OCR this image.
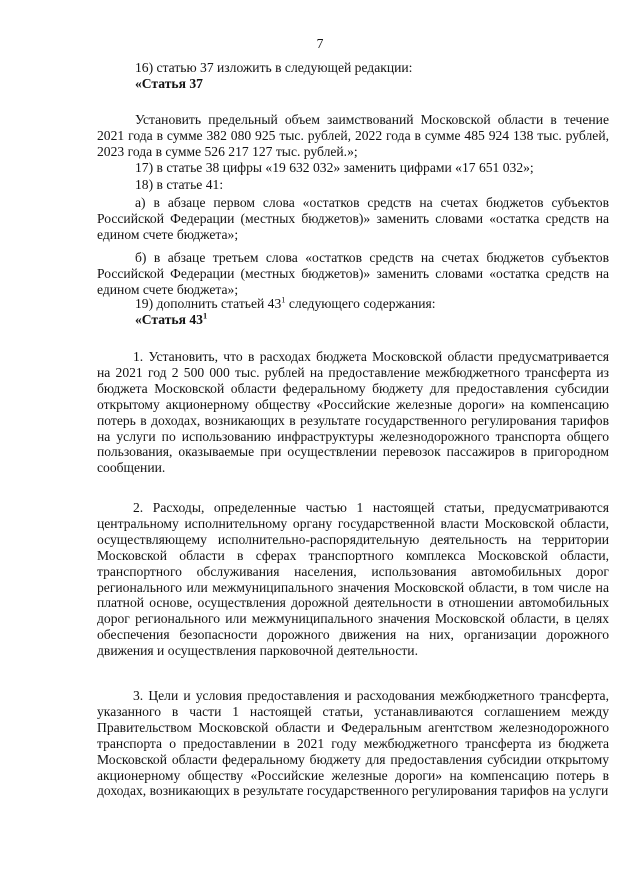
7

16) статью 37 изложить в следующей редакции:

«Статья 37

Установить предельный объем заимствований Московской области в течение 2021 года в сумме 382 080 925 тыс. рублей, 2022 года в сумме 485 924 138 тыс. рублей, 2023 года в сумме 526 217 127 тыс. рублей.»;

17) в статье 38 цифры «19 632 032» заменить цифрами «17 651 032»;

18) в статье 41:

а) в абзаце первом слова «остатков средств на счетах бюджетов субъектов Российской Федерации (местных бюджетов)» заменить словами «остатка средств на едином счете бюджета»;

б) в абзаце третьем слова «остатков средств на счетах бюджетов субъектов Российской Федерации (местных бюджетов)» заменить словами «остатка средств на едином счете бюджета»;

19) дополнить статьей $43^1$ следующего содержания:

«Статья $43^1$

1. Установить, что в расходах бюджета Московской области предусматривается на 2021 год 2 500 000 тыс. рублей на предоставление межбюджетного трансферта из бюджета Московской области федеральному бюджету для предоставления субсидии открытому акционерному обществу «Российские железные дороги» на компенсацию потерь в доходах, возникающих в результате государственного регулирования тарифов на услуги по использованию инфраструктуры железнодорожного транспорта общего пользования, оказываемые при осуществлении перевозок пассажиров в пригородном сообщении.

2. Расходы, определенные частью 1 настоящей статьи, предусматриваются центральному исполнительному органу государственной власти Московской области, осуществляющему исполнительно-распорядительную деятельность на территории Московской области в сферах транспортного комплекса Московской области, транспортного обслуживания населения, использования автомобильных дорог регионального или межмуниципального значения Московской области, в том числе на платной основе, осуществления дорожной деятельности в отношении автомобильных дорог регионального или межмуниципального значения Московской области, в целях обеспечения безопасности дорожного движения на них, организации дорожного движения и осуществления парковочной деятельности.

3. Цели и условия предоставления и расходования межбюджетного трансферта, указанного в части 1 настоящей статьи, устанавливаются соглашением между Правительством Московской области и Федеральным агентством железнодорожного транспорта о предоставлении в 2021 году межбюджетного трансферта из бюджета Московской области федеральному бюджету для предоставления субсидии открытому акционерному обществу «Российские железные дороги» на компенсацию потерь в доходах, возникающих в результате государственного регулирования тарифов на услуги
